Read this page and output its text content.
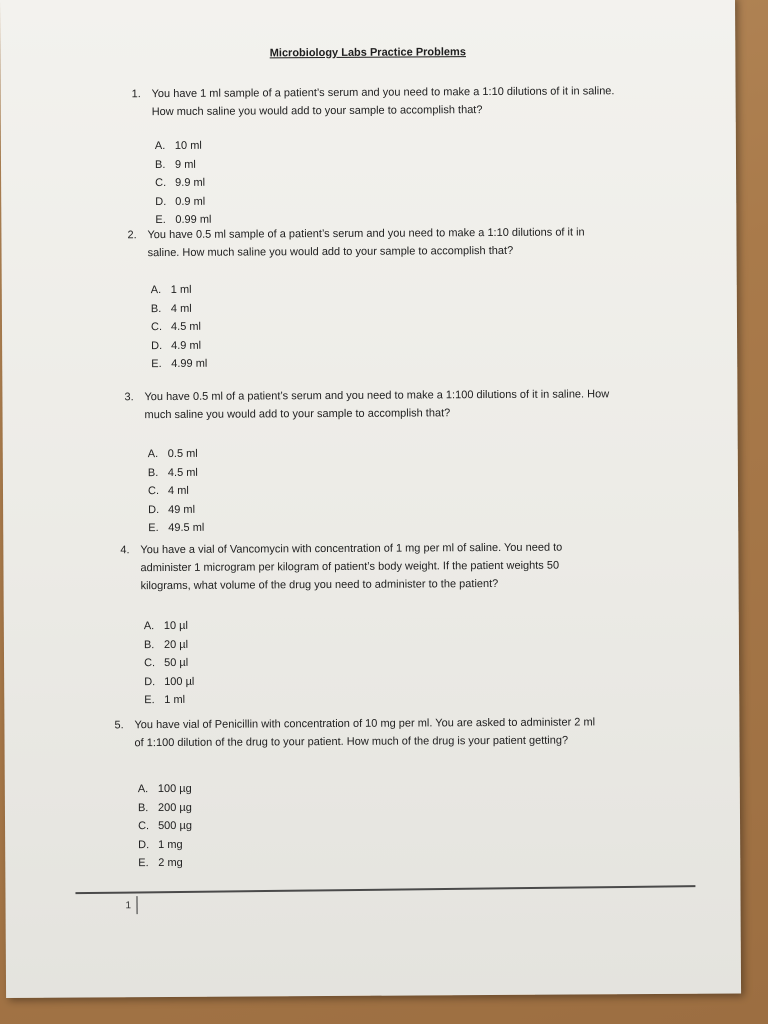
Microbiology Labs Practice Problems
1. You have 1 ml sample of a patient’s serum and you need to make a 1:10 dilutions of it in saline.
How much saline you would add to your sample to accomplish that?
A. 10 ml
B. 9 ml
C. 9.9 ml
D. 0.9 ml
E. 0.99 ml
2. You have 0.5 ml sample of a patient’s serum and you need to make a 1:10 dilutions of it in
saline. How much saline you would add to your sample to accomplish that?
A. 1 ml
B. 4 ml
C. 4.5 ml
D. 4.9 ml
E. 4.99 ml
3. You have 0.5 ml of a patient’s serum and you need to make a 1:100 dilutions of it in saline. How
much saline you would add to your sample to accomplish that?
A. 0.5 ml
B. 4.5 ml
C. 4 ml
D. 49 ml
E. 49.5 ml
4. You have a vial of Vancomycin with concentration of 1 mg per ml of saline. You need to
administer 1 microgram per kilogram of patient’s body weight. If the patient weights 50
kilograms, what volume of the drug you need to administer to the patient?
A. 10 µl
B. 20 µl
C. 50 µl
D. 100 µl
E. 1 ml
5. You have vial of Penicillin with concentration of 10 mg per ml. You are asked to administer 2 ml
of 1:100 dilution of the drug to your patient. How much of the drug is your patient getting?
A. 100 µg
B. 200 µg
C. 500 µg
D. 1 mg
E. 2 mg
1
